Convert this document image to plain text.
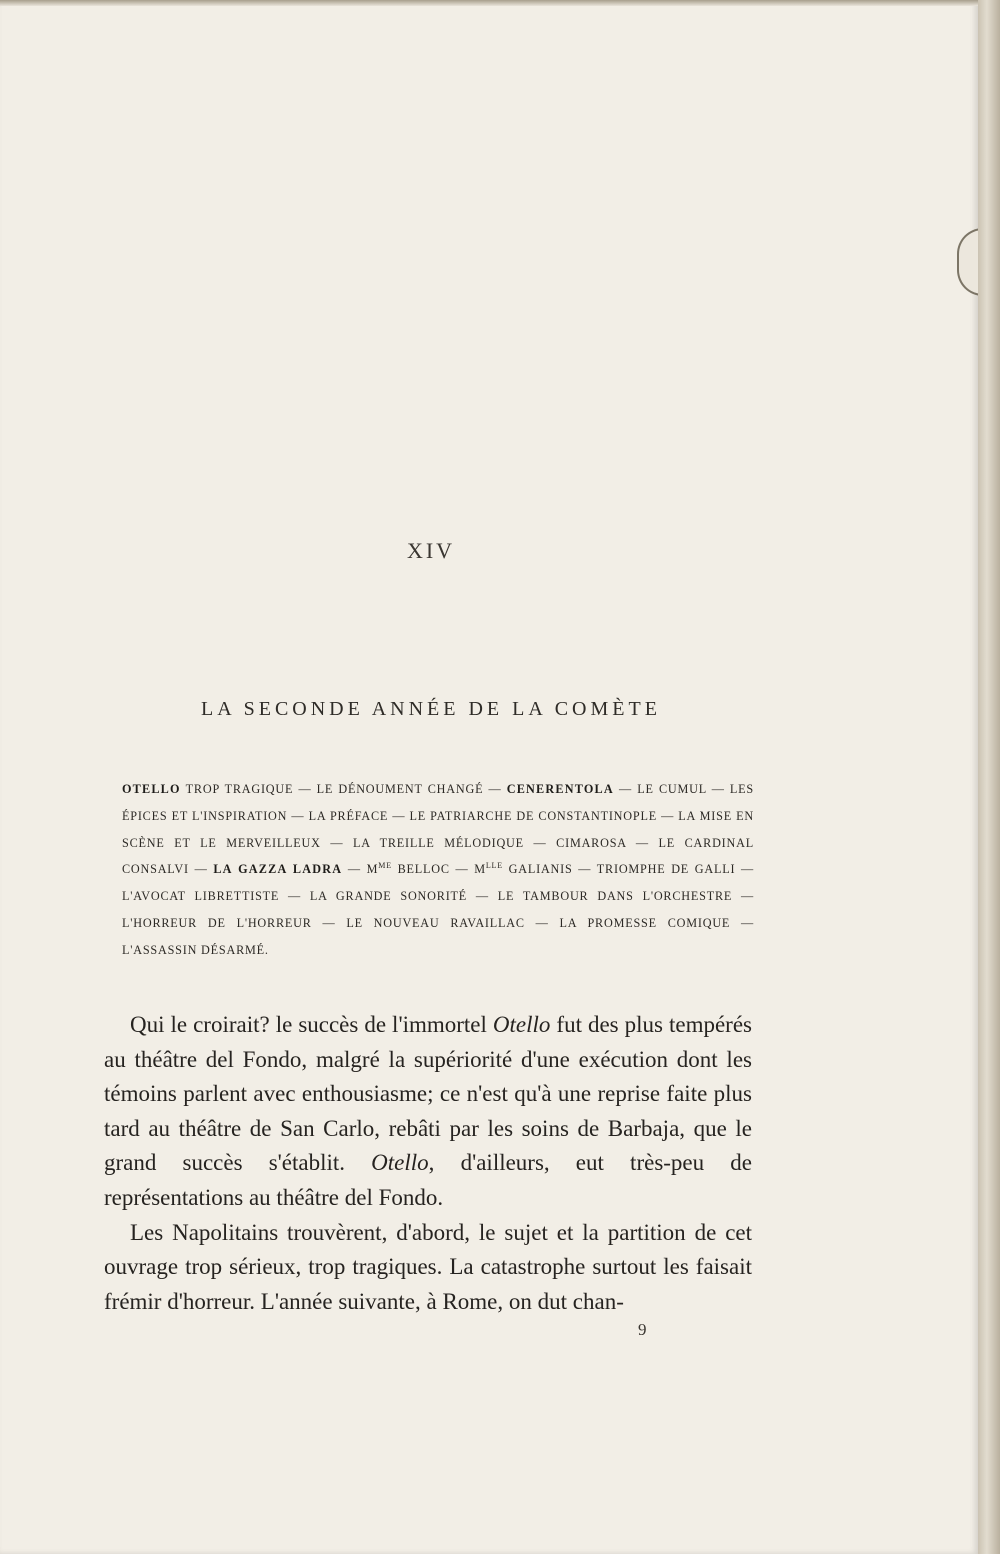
XIV
LA SECONDE ANNÉE DE LA COMÈTE
OTELLO TROP TRAGIQUE — LE DÉNOUMENT CHANGÉ — CENERENTOLA — LE CUMUL — LES ÉPICES ET L'INSPIRATION — LA PRÉFACE — LE PATRIARCHE DE CONSTANTINOPLE — LA MISE EN SCÈNE ET LE MERVEILLEUX — LA TREILLE MÉLODIQUE — CIMAROSA — LE CARDINAL CONSALVI — LA GAZZA LADRA — $M^{ME}$ BELLOC — $M^{LLE}$ GALIANIS — TRIOMPHE DE GALLI — L'AVOCAT LIBRETTISTE — LA GRANDE SONORITÉ — LE TAMBOUR DANS L'ORCHESTRE — L'HORREUR DE L'HORREUR — LE NOUVEAU RAVAILLAC — LA PROMESSE COMIQUE — L'ASSASSIN DÉSARMÉ.

Qui le croirait? le succès de l'immortel Otello fut des plus tempérés au théâtre del Fondo, malgré la supériorité d'une exécution dont les témoins parlent avec enthousiasme; ce n'est qu'à une reprise faite plus tard au théâtre de San Carlo, rebâti par les soins de Barbaja, que le grand succès s'établit. Otello, d'ailleurs, eut très-peu de représentations au théâtre del Fondo.

Les Napolitains trouvèrent, d'abord, le sujet et la partition de cet ouvrage trop sérieux, trop tragiques. La catastrophe surtout les faisait frémir d'horreur. L'année suivante, à Rome, on dut chan-

9
